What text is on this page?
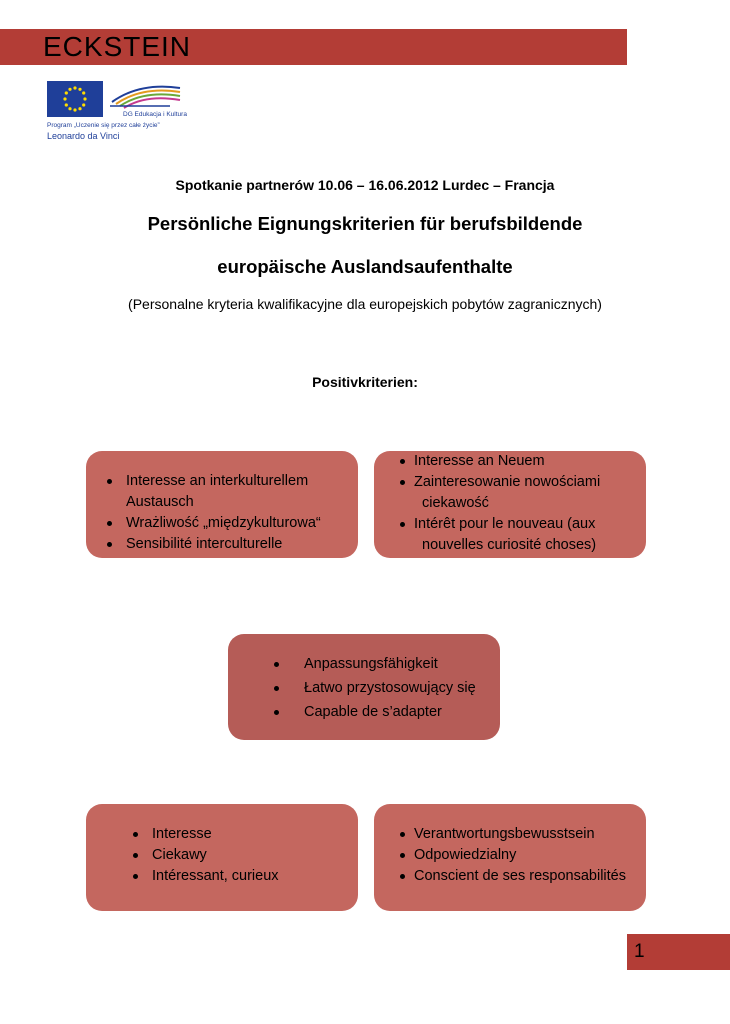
ECKSTEIN
DG Edukacja i Kultura
Program „Uczenie się przez całe życie”
Leonardo da Vinci
Spotkanie partnerów 10.06 – 16.06.2012 Lurdec – Francja
Persönliche Eignungskriterien für berufsbildende
europäische Auslandsaufenthalte
(Personalne kryteria kwalifikacyjne dla europejskich pobytów zagranicznych)
Positivkriterien:
Interesse an interkulturellem
Austausch
Wrażliwość „międzykulturowa“
Sensibilité interculturelle
Interesse an Neuem
Zainteresowanie nowościami
ciekawość
Intérêt pour le nouveau (aux
nouvelles curiosité choses)
Anpassungsfähigkeit
Łatwo przystosowujący się
Capable de s’adapter
Interesse
Ciekawy
Intéressant, curieux
Verantwortungsbewusstsein
Odpowiedzialny
Conscient de ses responsabilités
1
